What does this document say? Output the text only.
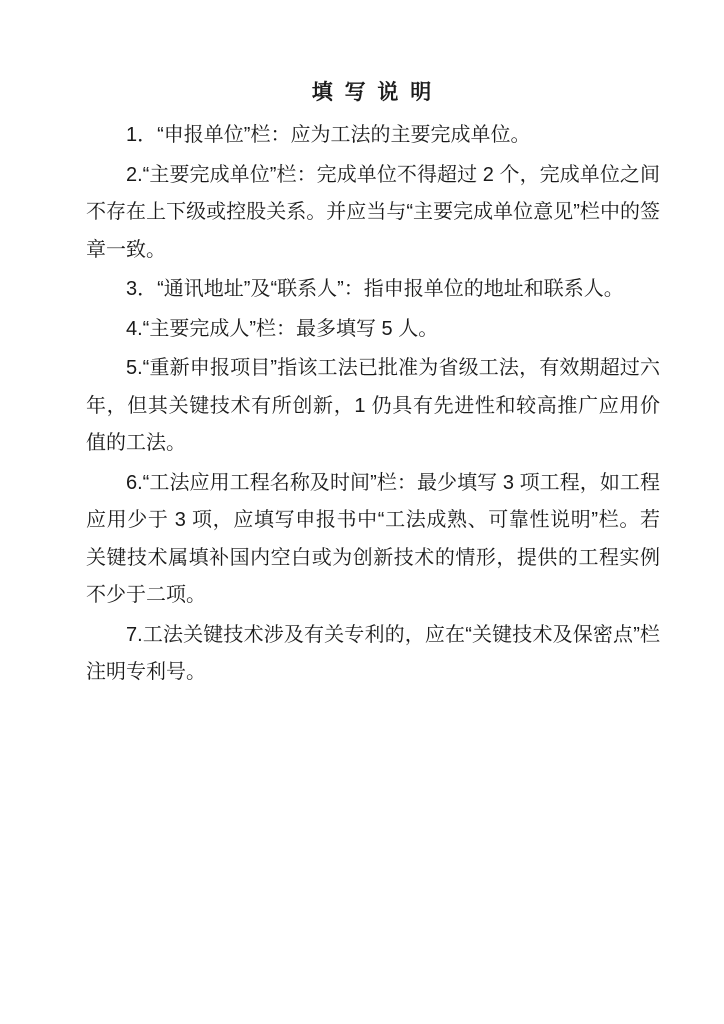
填 写 说 明

1．“申报单位”栏：应为工法的主要完成单位。

2.“主要完成单位”栏：完成单位不得超过 2 个，完成单位之间不存在上下级或控股关系。并应当与“主要完成单位意见”栏中的签章一致。

3．“通讯地址”及“联系人”：指申报单位的地址和联系人。

4.“主要完成人”栏：最多填写 5 人。

5.“重新申报项目”指该工法已批准为省级工法，有效期超过六年，但其关键技术有所创新，1 仍具有先进性和较高推广应用价值的工法。

6.“工法应用工程名称及时间”栏：最少填写 3 项工程，如工程应用少于 3 项，应填写申报书中“工法成熟、可靠性说明”栏。若关键技术属填补国内空白或为创新技术的情形，提供的工程实例不少于二项。

7.工法关键技术涉及有关专利的，应在“关键技术及保密点”栏注明专利号。
